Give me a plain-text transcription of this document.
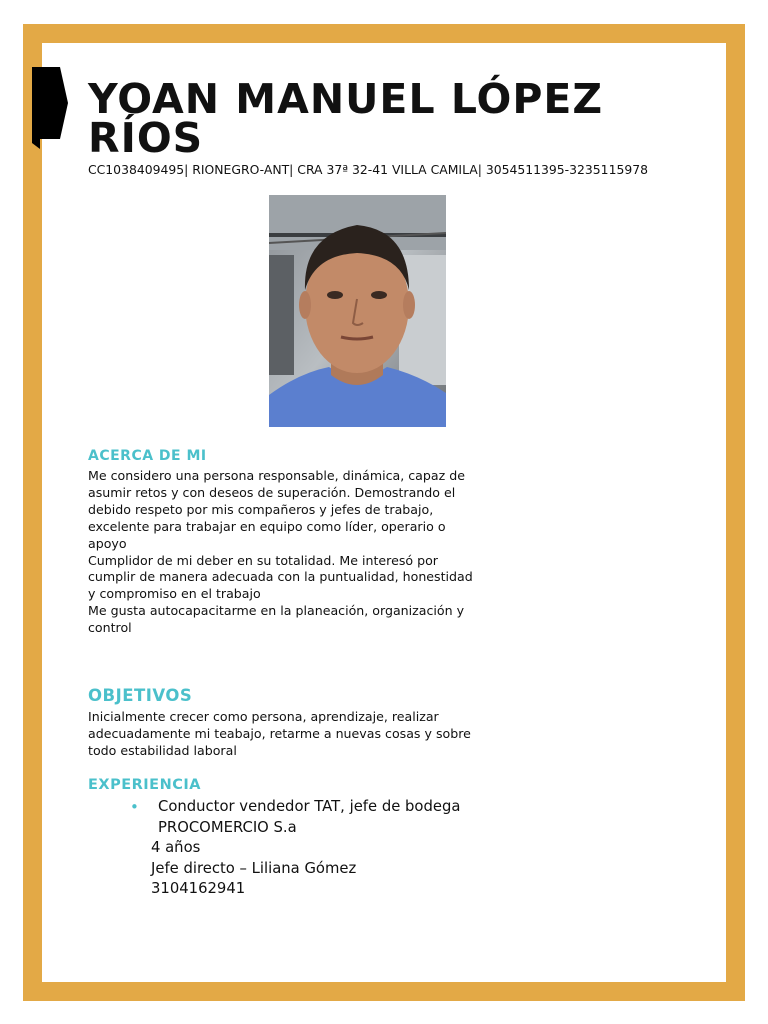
YOAN MANUEL LÓPEZ RÍOS

CC1038409495| RIONEGRO-ANT| CRA 37ª 32-41 VILLA CAMILA| 3054511395-3235115978

ACERCA DE MI
Me considero una persona responsable, dinámica, capaz de
asumir retos y con deseos de superación. Demostrando el
debido respeto por mis compañeros y jefes de trabajo,
excelente para trabajar en equipo como líder, operario o
apoyo
Cumplidor de mi deber en su totalidad. Me interesó por
cumplir de manera adecuada con la puntualidad, honestidad
y compromiso en el trabajo
Me gusta autocapacitarme en la planeación, organización y
control
OBJETIVOS
Inicialmente crecer como persona, aprendizaje, realizar
adecuadamente mi teabajo, retarme a nuevas cosas y sobre
todo estabilidad laboral
EXPERIENCIA
•	Conductor vendedor TAT, jefe de bodega

PROCOMERCIO S.a

4 años

Jefe directo – Liliana Gómez

3104162941
